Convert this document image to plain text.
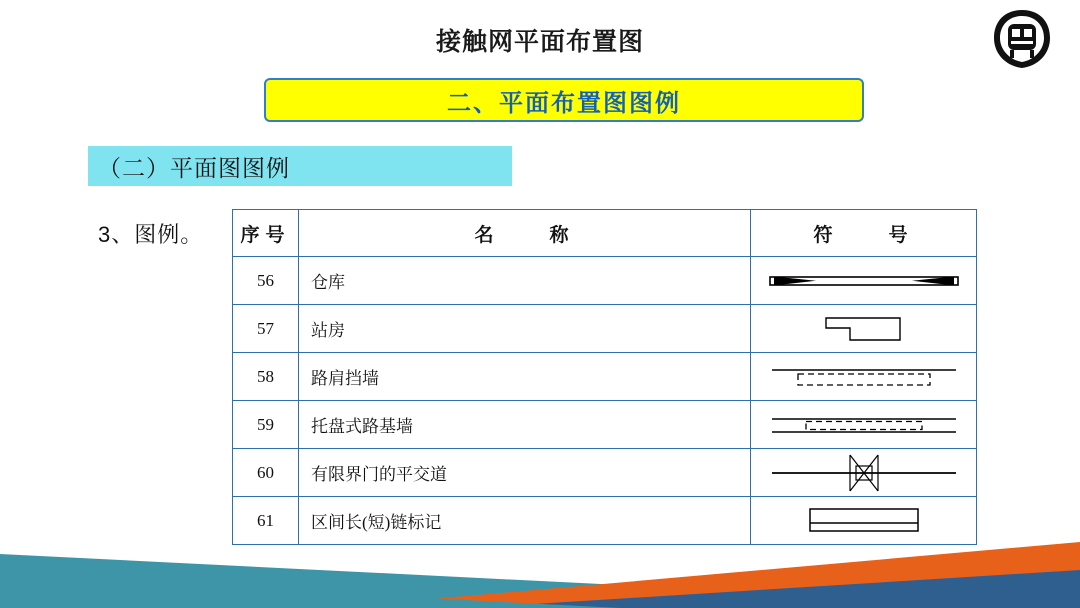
接触网平面布置图
二、平面布置图图例
（二）平面图图例
3、图例。 序号	名　　称	符　　号
56	仓库	

57	站房	

58	路肩挡墙	

59	托盘式路基墙	

60	有限界门的平交道	

61	区间长(短)链标记	
